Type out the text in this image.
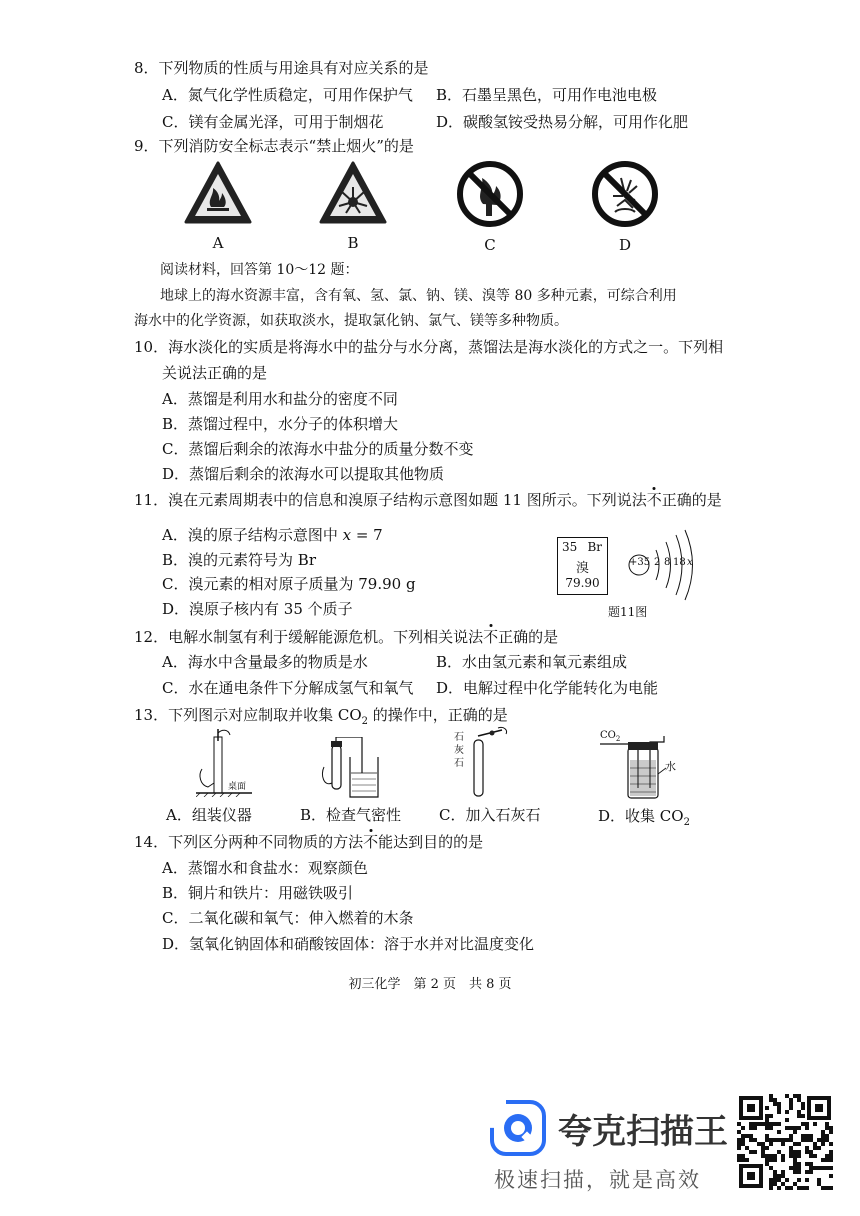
8．下列物质的性质与用途具有对应关系的是
A．氮气化学性质稳定，可用作保护气 B．石墨呈黑色，可用作电池电极
C．镁有金属光泽，可用于制烟花	D．碳酸氢铵受热易分解，可用作化肥
9．下列消防安全标志表示“禁止烟火”的是
A	B	C	D
阅读材料，回答第 10～12 题：
地球上的海水资源丰富，含有氧、氢、氯、钠、镁、溴等 80 多种元素，可综合利用
海水中的化学资源，如获取淡水，提取氯化钠、氯气、镁等多种物质。
10．海水淡化的实质是将海水中的盐分与水分离，蒸馏法是海水淡化的方式之一。下列相
关说法正确的是
A．蒸馏是利用水和盐分的密度不同
B．蒸馏过程中，水分子的体积增大
C．蒸馏后剩余的浓海水中盐分的质量分数不变
D．蒸馏后剩余的浓海水可以提取其他物质
11．溴在元素周期表中的信息和溴原子结构示意图如题 11 图所示。下列说法不正确的是
A．溴的原子结构示意图中 x = 7
B．溴的元素符号为 Br
C．溴元素的相对原子质量为 79.90 g
D．溴原子核内有 35 个质子
35 Br
溴
79.90
+35 2 8 18 x
题11图
12．电解水制氢有利于缓解能源危机。下列相关说法不正确的是
A．海水中含量最多的物质是水	B．水由氢元素和氧元素组成
C．水在通电条件下分解成氢气和氧气 D．电解过程中化学能转化为电能
13．下列图示对应制取并收集 $CO_2$ 的操作中，正确的是
桌面
石
灰
石
$CO_2$
水
A．组装仪器	B．检查气密性	C．加入石灰石	D．收集 $CO_2$
14．下列区分两种不同物质的方法不能达到目的的是
A．蒸馏水和食盐水：观察颜色
B．铜片和铁片：用磁铁吸引
C．二氧化碳和氧气：伸入燃着的木条
D．氢氧化钠固体和硝酸铵固体：溶于水并对比温度变化
初三化学　第 2 页　共 8 页
夸克扫描王
极速扫描，就是高效
